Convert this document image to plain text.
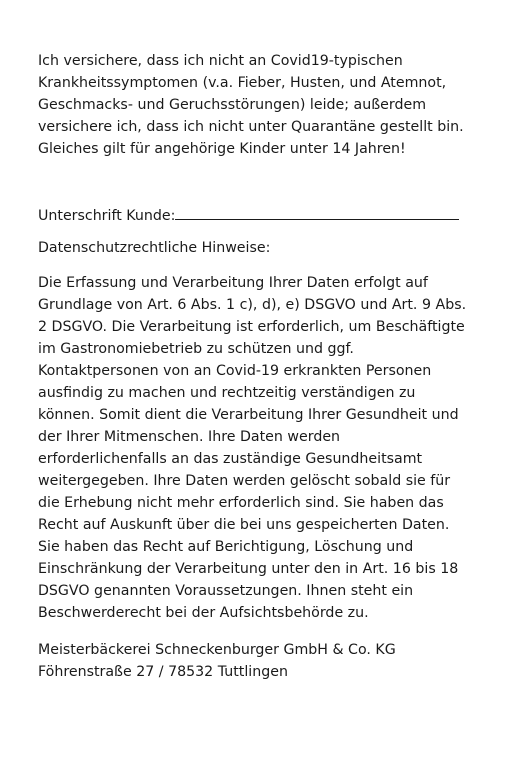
Ich versichere, dass ich nicht an Covid19-typischen
Krankheitssymptomen (v.a. Fieber, Husten, und Atemnot,
Geschmacks- und Geruchsstörungen) leide; außerdem
versichere ich, dass ich nicht unter Quarantäne gestellt bin.
Gleiches gilt für angehörige Kinder unter 14 Jahren!

Unterschrift Kunde:
Datenschutzrechtliche Hinweise:

Die Erfassung und Verarbeitung Ihrer Daten erfolgt auf
Grundlage von Art. 6 Abs. 1 c), d), e) DSGVO und Art. 9 Abs.
2 DSGVO. Die Verarbeitung ist erforderlich, um Beschäftigte
im Gastronomiebetrieb zu schützen und ggf.
Kontaktpersonen von an Covid-19 erkrankten Personen
ausfindig zu machen und rechtzeitig verständigen zu
können. Somit dient die Verarbeitung Ihrer Gesundheit und
der Ihrer Mitmenschen. Ihre Daten werden
erforderlichenfalls an das zuständige Gesundheitsamt
weitergegeben. Ihre Daten werden gelöscht sobald sie für
die Erhebung nicht mehr erforderlich sind. Sie haben das
Recht auf Auskunft über die bei uns gespeicherten Daten.
Sie haben das Recht auf Berichtigung, Löschung und
Einschränkung der Verarbeitung unter den in Art. 16 bis 18
DSGVO genannten Voraussetzungen. Ihnen steht ein
Beschwerderecht bei der Aufsichtsbehörde zu.

Meisterbäckerei Schneckenburger GmbH & Co. KG
Föhrenstraße 27 / 78532 Tuttlingen
